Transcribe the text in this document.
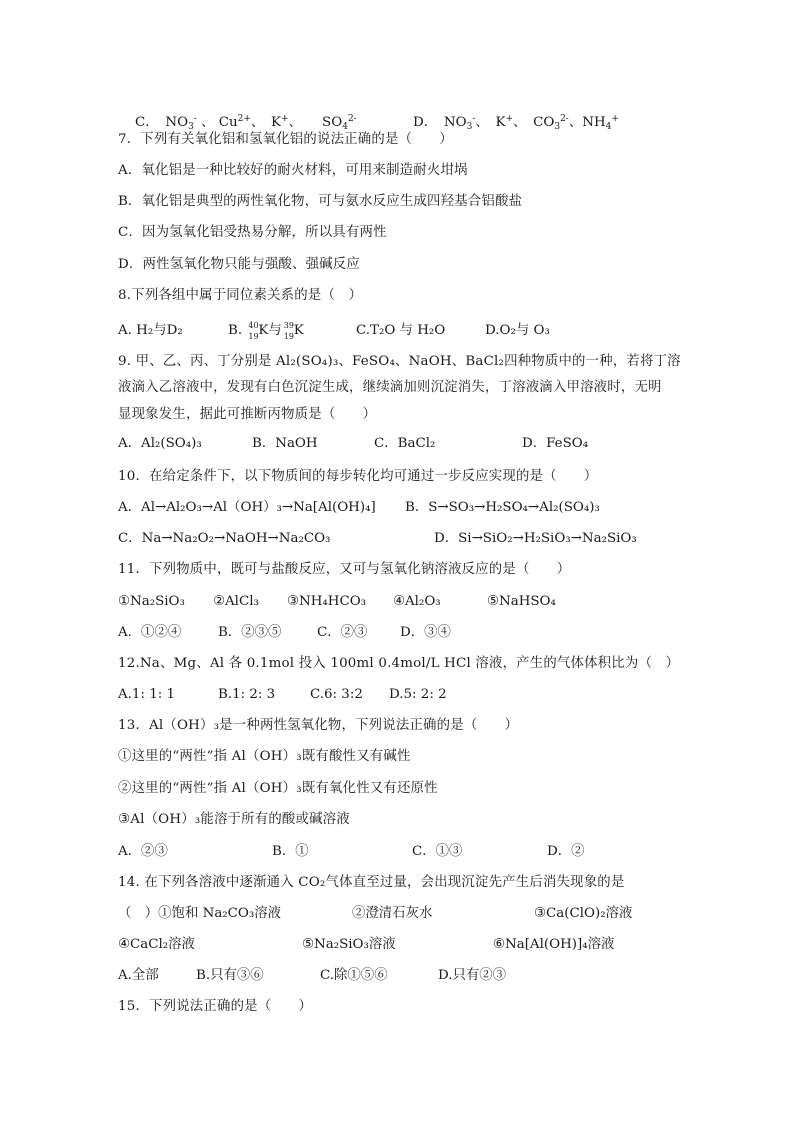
C．　 $NO_3^-$ 、 $Cu^{2+}$、　K+、　　$SO_4^{2-}$
	D．　 $NO_3^-$、　K+、　$CO_3^{2-}$、$NH_4^+$

7．下列有关氧化铝和氢氧化铝的说法正确的是（　　）
A．氧化铝是一种比较好的耐火材料，可用来制造耐火坩埚
B．氧化铝是典型的两性氧化物，可与氨水反应生成四羟基合铝酸盐
C．因为氢氧化铝受热易分解，所以具有两性
D．两性氢氧化物只能与强酸、强碱反应
8.下列各组中属于同位素关系的是（　）
A. H₂与D₂	B. 40
19 K与 39
19 K	C.T₂O 与 H₂O	D.O₂与 O₃
9. 甲、乙、丙、丁分别是 Al₂(SO₄)₃、FeSO₄、NaOH、BaCl₂四种物质中的一种，若将丁溶
液滴入乙溶液中，发现有白色沉淀生成，继续滴加则沉淀消失，丁溶液滴入甲溶液时，无明
显现象发生，据此可推断丙物质是（　　）
A．Al₂(SO₄)₃	B．NaOH	C．BaCl₂	D．FeSO₄
10．在给定条件下，以下物质间的每步转化均可通过一步反应实现的是（　　）
A．Al→Al₂O₃→Al（OH）₃→Na[Al(OH)₄] B．S→SO₃→H₂SO₄→Al₂(SO₄)₃
C．Na→Na₂O₂→NaOH→Na₂CO₃	D．Si→SiO₂→H₂SiO₃→Na₂SiO₃
11．下列物质中，既可与盐酸反应，又可与氢氧化钠溶液反应的是（　　）
①Na₂SiO₃ ②AlCl₃ ③NH₄HCO₃ ④Al₂O₃	⑤NaHSO₄
A．①②④	B．②③⑤	C．②③ D．③④
12.Na、Mg、Al 各 0.1mol 投入 100ml 0.4mol/L HCl 溶液，产生的气体体积比为（　）
A.1: 1: 1	B.1: 2: 3	C.6: 3:2 D.5: 2: 2
13．Al（OH）₃是一种两性氢氧化物，下列说法正确的是（　　）
①这里的“两性”指 Al（OH）₃既有酸性又有碱性
②这里的“两性”指 Al（OH）₃既有氧化性又有还原性
③Al（OH）₃能溶于所有的酸或碱溶液
A．②③	B．①	C．①③	D．②
14. 在下列各溶液中逐渐通入 CO₂气体直至过量，会出现沉淀先产生后消失现象的是
（　）①饱和 Na₂CO₃溶液	②澄清石灰水	③Ca(ClO)₂溶液
④CaCl₂溶液	⑤Na₂SiO₃溶液	⑥Na[Al(OH)]₄溶液
A.全部	B.只有③⑥	C.除①⑤⑥	D.只有②③
15．下列说法正确的是（　　）
